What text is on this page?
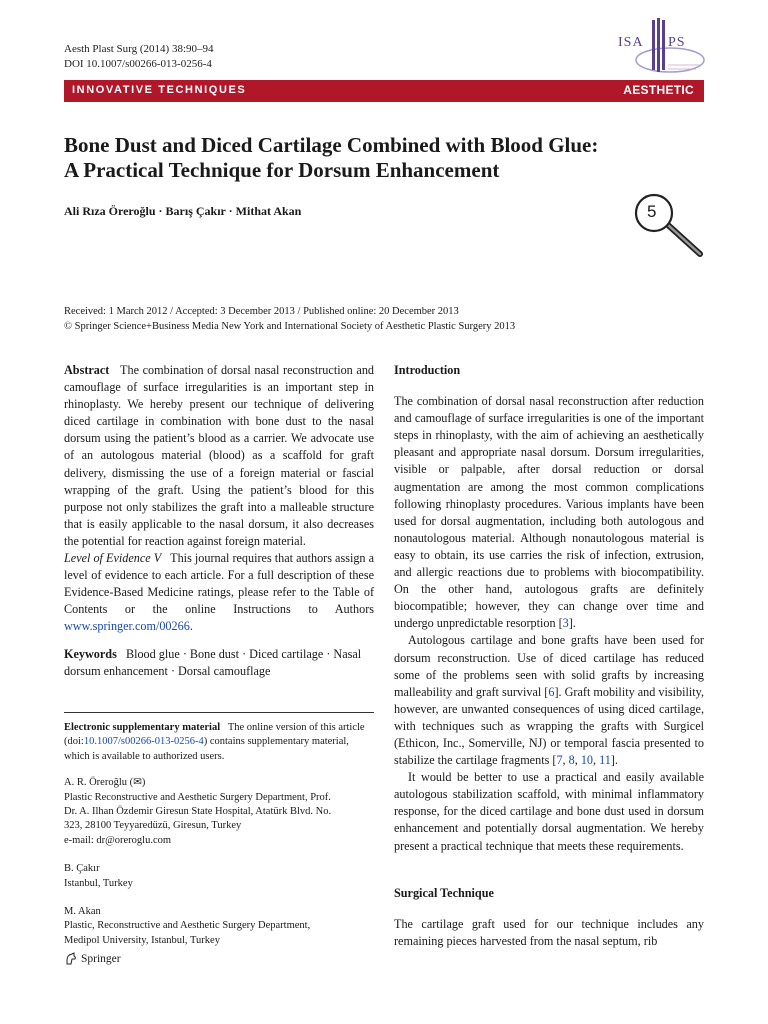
Aesth Plast Surg (2014) 38:90–94
DOI 10.1007/s00266-013-0256-4
ISA PS
INNOVATIVE TECHNIQUES	AESTHETIC
Bone Dust and Diced Cartilage Combined with Blood Glue:
A Practical Technique for Dorsum Enhancement
Ali Rıza Öreroğlu · Barış Çakır · Mithat Akan	5
Received: 1 March 2012 / Accepted: 3 December 2013 / Published online: 20 December 2013
© Springer Science+Business Media New York and International Society of Aesthetic Plastic Surgery 2013

Abstract The combination of dorsal nasal reconstruction and camouflage of surface irregularities is an important step in rhinoplasty. We hereby present our technique of delivering diced cartilage in combination with bone dust to the nasal dorsum using the patient’s blood as a carrier. We advocate use of an autologous material (blood) as a scaffold for graft delivery, dismissing the use of a foreign material or fascial wrapping of the graft. Using the patient’s blood for this purpose not only stabilizes the graft into a malleable structure that is easily applicable to the nasal dorsum, it also decreases the potential for reaction against foreign material.

Level of Evidence V This journal requires that authors assign a level of evidence to each article. For a full description of these Evidence-Based Medicine ratings, please refer to the Table of Contents or the online Instructions to Authors www.springer.com/00266.

Keywords Blood glue · Bone dust · Diced cartilage · Nasal dorsum enhancement · Dorsal camouflage

Electronic supplementary material The online version of this article (doi:10.1007/s00266-013-0256-4) contains supplementary material, which is available to authorized users.

A. R. Öreroğlu (✉)

Plastic Reconstructive and Aesthetic Surgery Department, Prof.

Dr. A. Ilhan Özdemir Giresun State Hospital, Atatürk Blvd. No.

323, 28100 Teyyaredüzü, Giresun, Turkey

e-mail: dr@oreroglu.com

B. Çakır

Istanbul, Turkey

M. Akan

Plastic, Reconstructive and Aesthetic Surgery Department,

Medipol University, Istanbul, Turkey

Springer

Introduction

The combination of dorsal nasal reconstruction after reduction and camouflage of surface irregularities is one of the important steps in rhinoplasty, with the aim of achieving an aesthetically pleasant and appropriate nasal dorsum. Dorsum irregularities, visible or palpable, after dorsal reduction or dorsal augmentation are among the most common complications following rhinoplasty procedures. Various implants have been used for dorsal augmentation, including both autologous and nonautologous material. Although nonautologous material is easy to obtain, its use carries the risk of infection, extrusion, and allergic reactions due to problems with biocompatibility. On the other hand, autologous grafts are definitely biocompatible; however, they can change over time and undergo unpredictable resorption [3].

Autologous cartilage and bone grafts have been used for dorsum reconstruction. Use of diced cartilage has reduced some of the problems seen with solid grafts by increasing malleability and graft survival [6]. Graft mobility and visibility, however, are unwanted consequences of using diced cartilage, with techniques such as wrapping the grafts with Surgicel (Ethicon, Inc., Somerville, NJ) or temporal fascia presented to stabilize the cartilage fragments [7, 8, 10, 11].

It would be better to use a practical and easily available autologous stabilization scaffold, with minimal inflammatory response, for the diced cartilage and bone dust used in dorsum enhancement and potentially dorsal augmentation. We hereby present a practical technique that meets these requirements.

Surgical Technique

The cartilage graft used for our technique includes any remaining pieces harvested from the nasal septum, rib
